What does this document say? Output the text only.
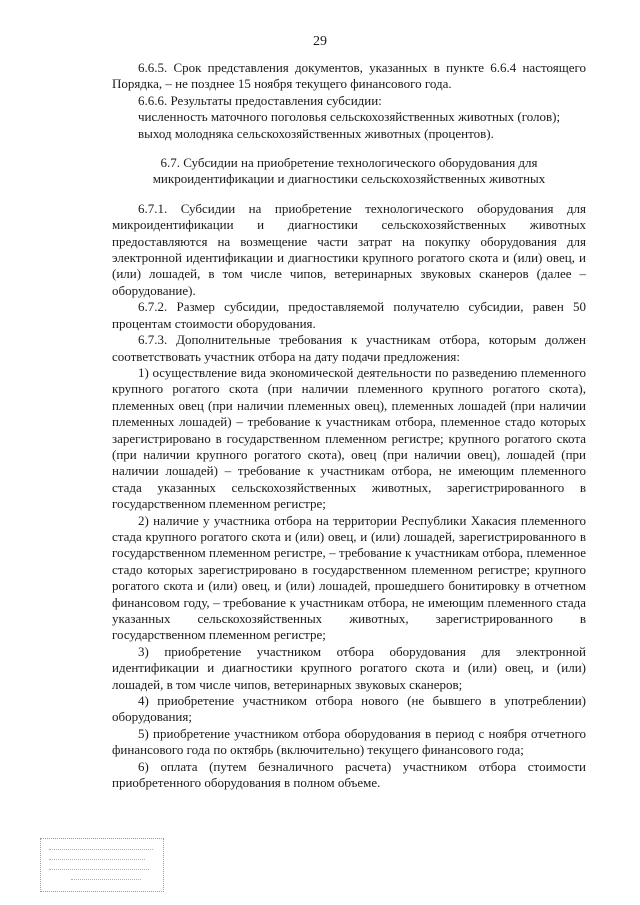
29

6.6.5. Срок представления документов, указанных в пункте 6.6.4 настоящего Порядка, – не позднее 15 ноября текущего финансового года.

6.6.6. Результаты предоставления субсидии:

численность маточного поголовья сельскохозяйственных животных (голов);

выход молодняка сельскохозяйственных животных (процентов).

6.7. Субсидии на приобретение технологического оборудования для микроидентификации и диагностики сельскохозяйственных животных

6.7.1. Субсидии на приобретение технологического оборудования для микроидентификации и диагностики сельскохозяйственных животных предоставляются на возмещение части затрат на покупку оборудования для электронной идентификации и диагностики крупного рогатого скота и (или) овец, и (или) лошадей, в том числе чипов, ветеринарных звуковых сканеров (далее – оборудование).

6.7.2. Размер субсидии, предоставляемой получателю субсидии, равен 50 процентам стоимости оборудования.

6.7.3. Дополнительные требования к участникам отбора, которым должен соответствовать участник отбора на дату подачи предложения:

1) осуществление вида экономической деятельности по разведению племенного крупного рогатого скота (при наличии племенного крупного рогатого скота), племенных овец (при наличии племенных овец), племенных лошадей (при наличии племенных лошадей) – требование к участникам отбора, племенное стадо которых зарегистрировано в государственном племенном регистре; крупного рогатого скота (при наличии крупного рогатого скота), овец (при наличии овец), лошадей (при наличии лошадей) – требование к участникам отбора, не имеющим племенного стада указанных сельскохозяйственных животных, зарегистрированного в государственном племенном регистре;

2) наличие у участника отбора на территории Республики Хакасия племенного стада крупного рогатого скота и (или) овец, и (или) лошадей, зарегистрированного в государственном племенном регистре, – требование к участникам отбора, племенное стадо которых зарегистрировано в государственном племенном регистре; крупного рогатого скота и (или) овец, и (или) лошадей, прошедшего бонитировку в отчетном финансовом году, – требование к участникам отбора, не имеющим племенного стада указанных сельскохозяйственных животных, зарегистрированного в государственном племенном регистре;

3) приобретение участником отбора оборудования для электронной идентификации и диагностики крупного рогатого скота и (или) овец, и (или) лошадей, в том числе чипов, ветеринарных звуковых сканеров;

4) приобретение участником отбора нового (не бывшего в употреблении) оборудования;

5) приобретение участником отбора оборудования в период с ноября отчетного финансового года по октябрь (включительно) текущего финансового года;

6) оплата (путем безналичного расчета) участником отбора стоимости приобретенного оборудования в полном объеме.
